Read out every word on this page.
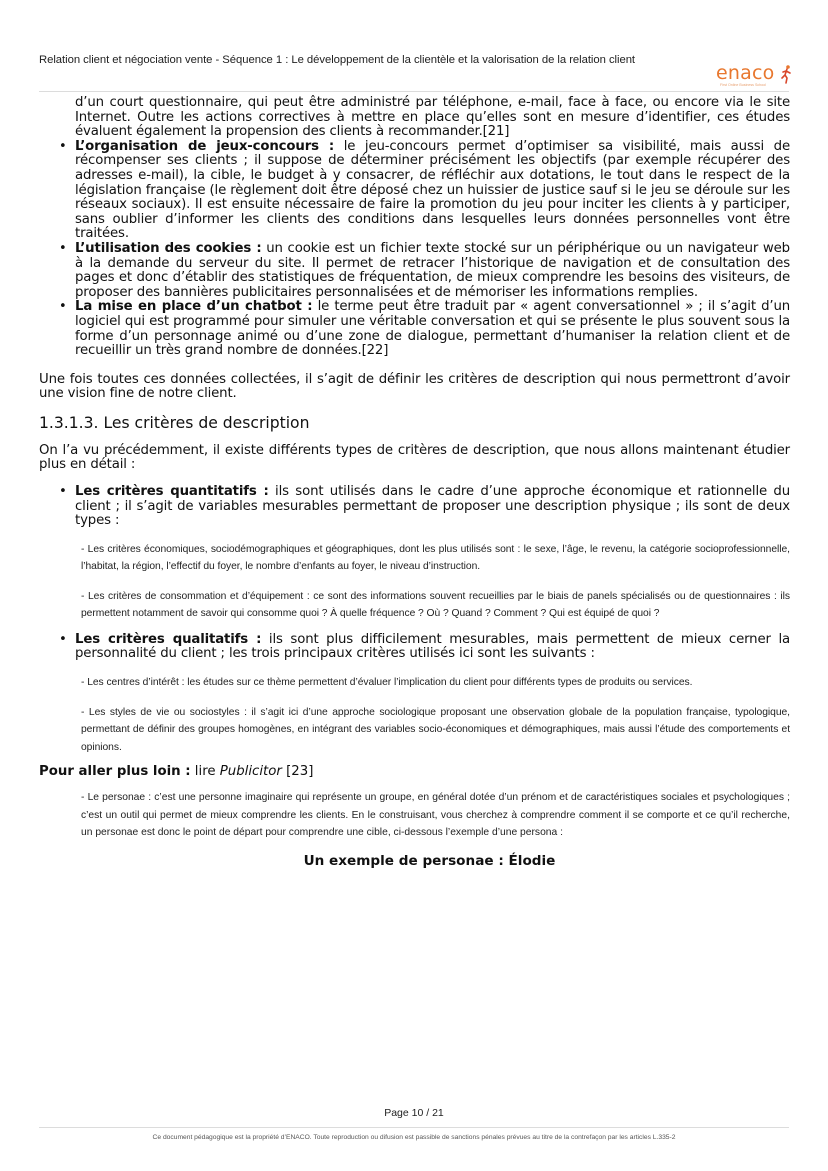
Relation client et négociation vente - Séquence 1 : Le développement de la clientèle et la valorisation de la relation client
enaco
First Online Business School
d’un court questionnaire, qui peut être administré par téléphone, e-mail, face à face, ou encore via le site Internet. Outre les actions correctives à mettre en place qu’elles sont en mesure d’identifier, ces études évaluent également la propension des clients à recommander.[21]
• L’organisation de jeux-concours : le jeu-concours permet d’optimiser sa visibilité, mais aussi de récompenser ses clients ; il suppose de déterminer précisément les objectifs (par exemple récupérer des adresses e-mail), la cible, le budget à y consacrer, de réfléchir aux dotations, le tout dans le respect de la législation française (le règlement doit être déposé chez un huissier de justice sauf si le jeu se déroule sur les réseaux sociaux). Il est ensuite nécessaire de faire la promotion du jeu pour inciter les clients à y participer, sans oublier d’informer les clients des conditions dans lesquelles leurs données personnelles vont être traitées.
• L’utilisation des cookies : un cookie est un fichier texte stocké sur un périphérique ou un navigateur web à la demande du serveur du site. Il permet de retracer l’historique de navigation et de consultation des pages et donc d’établir des statistiques de fréquentation, de mieux comprendre les besoins des visiteurs, de proposer des bannières publicitaires personnalisées et de mémoriser les informations remplies.
• La mise en place d’un chatbot : le terme peut être traduit par « agent conversationnel » ; il s’agit d’un logiciel qui est programmé pour simuler une véritable conversation et qui se présente le plus souvent sous la forme d’un personnage animé ou d’une zone de dialogue, permettant d’humaniser la relation client et de recueillir un très grand nombre de données.[22]

Une fois toutes ces données collectées, il s’agit de définir les critères de description qui nous permettront d’avoir une vision fine de notre client.

1.3.1.3. Les critères de description

On l’a vu précédemment, il existe différents types de critères de description, que nous allons maintenant étudier plus en détail :

• Les critères quantitatifs : ils sont utilisés dans le cadre d’une approche économique et rationnelle du client ; il s’agit de variables mesurables permettant de proposer une description physique ; ils sont de deux types :

- Les critères économiques, sociodémographiques et géographiques, dont les plus utilisés sont : le sexe, l’âge, le revenu, la catégorie socioprofessionnelle, l’habitat, la région, l’effectif du foyer, le nombre d’enfants au foyer, le niveau d’instruction.

- Les critères de consommation et d’équipement : ce sont des informations souvent recueillies par le biais de panels spécialisés ou de questionnaires : ils permettent notamment de savoir qui consomme quoi ? À quelle fréquence ? Où ? Quand ? Comment ? Qui est équipé de quoi ?

• Les critères qualitatifs : ils sont plus difficilement mesurables, mais permettent de mieux cerner la personnalité du client ; les trois principaux critères utilisés ici sont les suivants :

- Les centres d’intérêt : les études sur ce thème permettent d’évaluer l’implication du client pour différents types de produits ou services.

- Les styles de vie ou sociostyles : il s’agit ici d’une approche sociologique proposant une observation globale de la population française, typologique, permettant de définir des groupes homogènes, en intégrant des variables socio-économiques et démographiques, mais aussi l’étude des comportements et opinions.

Pour aller plus loin : lire Publicitor [23]

- Le personae : c’est une personne imaginaire qui représente un groupe, en général dotée d’un prénom et de caractéristiques sociales et psychologiques ; c’est un outil qui permet de mieux comprendre les clients. En le construisant, vous cherchez à comprendre comment il se comporte et ce qu’il recherche, un personae est donc le point de départ pour comprendre une cible, ci-dessous l’exemple d’une persona :

Un exemple de personae : Élodie
Page 10 / 21
Ce document pédagogique est la propriété d’ENACO. Toute reproduction ou difusion est passible de sanctions pénales prévues au titre de la contrefaçon par les articles L.335-2
